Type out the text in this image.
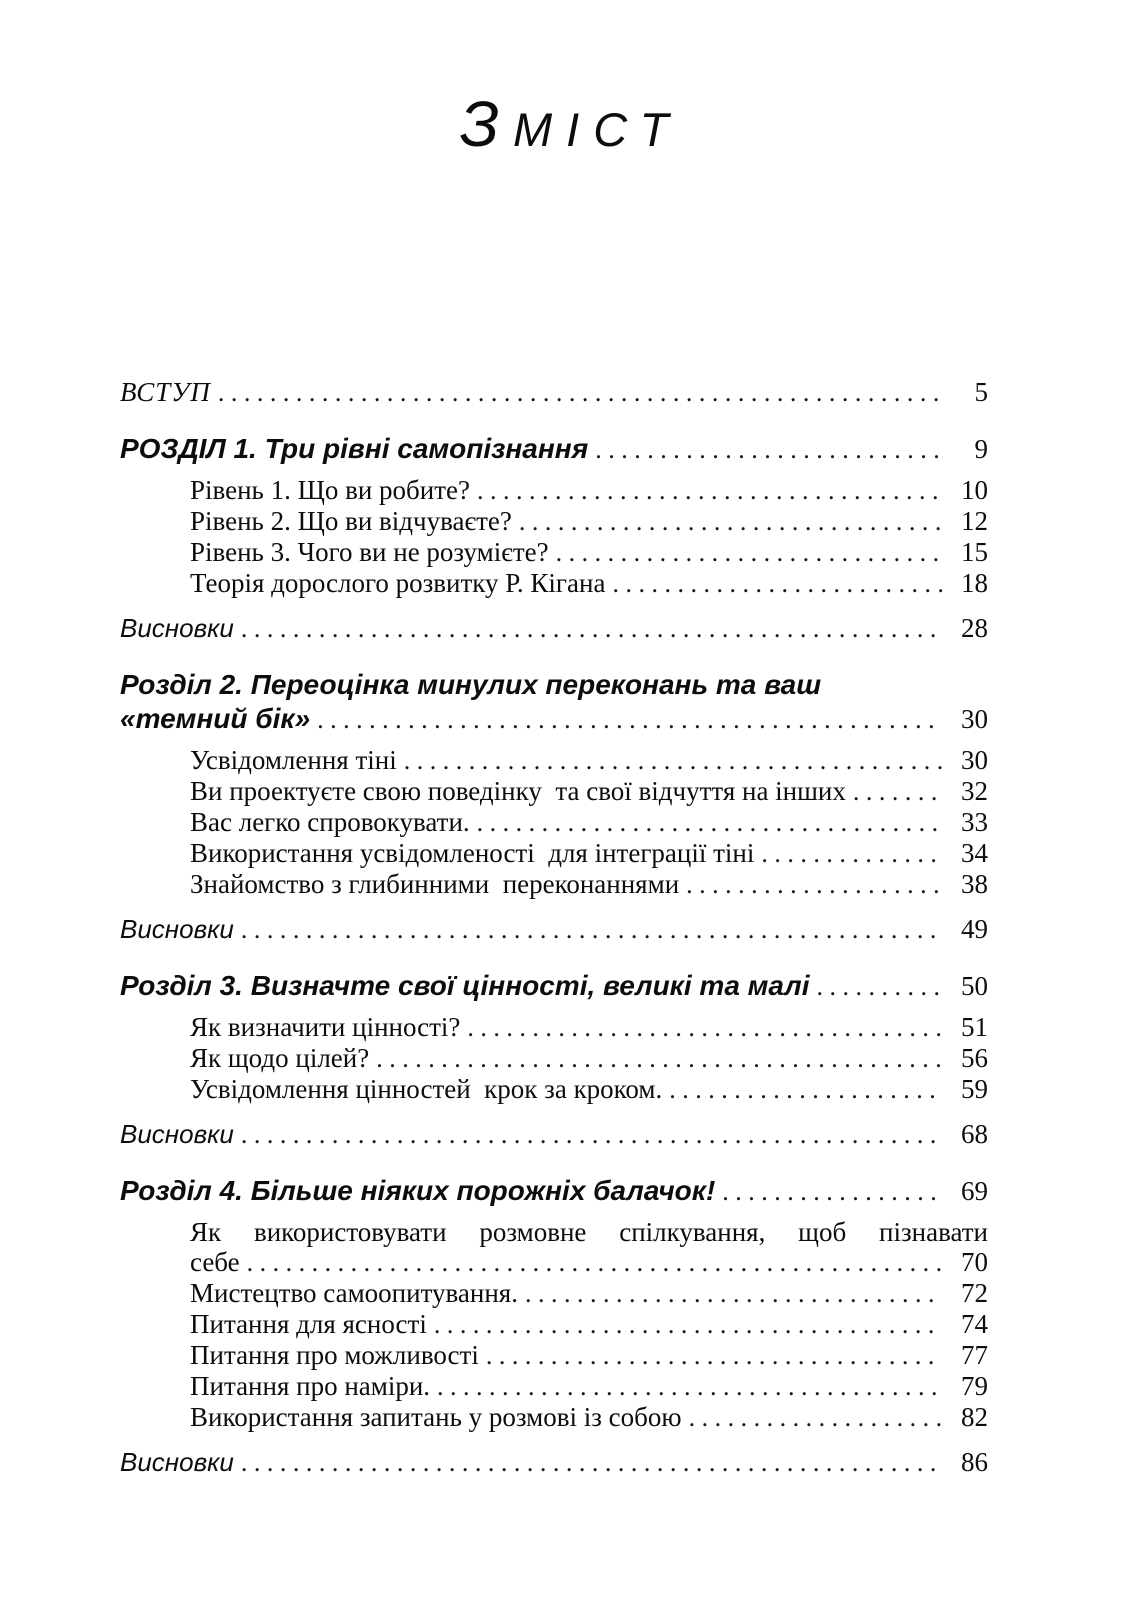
ЗМІСТ
ВСТУП . . .	5
РОЗДІЛ 1. Три рівні самопізнання . . .	9
Рівень 1. Що ви робите? . . .	10
Рівень 2. Що ви відчуваєте? . . .	12
Рівень 3. Чого ви не розумієте? . . .	15
Теорія дорослого розвитку Р. Кігана . . .	18
Висновки . . .	28
Розділ 2. Переоцінка минулих переконань та ваш
«темний бік» . . .	30
Усвідомлення тіні . . .	30
Ви проектуєте свою поведінку  та свої відчуття на інших . . .	32
Вас легко спровокувати. . . .	33
Використання усвідомленості  для інтеграції тіні . . .	34
Знайомство з глибинними  переконаннями . . .	38
Висновки . . .	49
Розділ 3. Визначте свої цінності, великі та малі . . .	50
Як визначити цінності? . . .	51
Як щодо цілей? . . .	56
Усвідомлення цінностей  крок за кроком. . . .	59
Висновки . . .	68
Розділ 4. Більше ніяких порожніх балачок! . . .	69
Як використовувати розмовне спілкування, щоб пізнавати
себе . . .	70
Мистецтво самоопитування. . . .	72
Питання для ясності . . .	74
Питання про можливості . . .	77
Питання про наміри. . . .	79
Використання запитань у розмові із собою . . .	82
Висновки . . .	86
